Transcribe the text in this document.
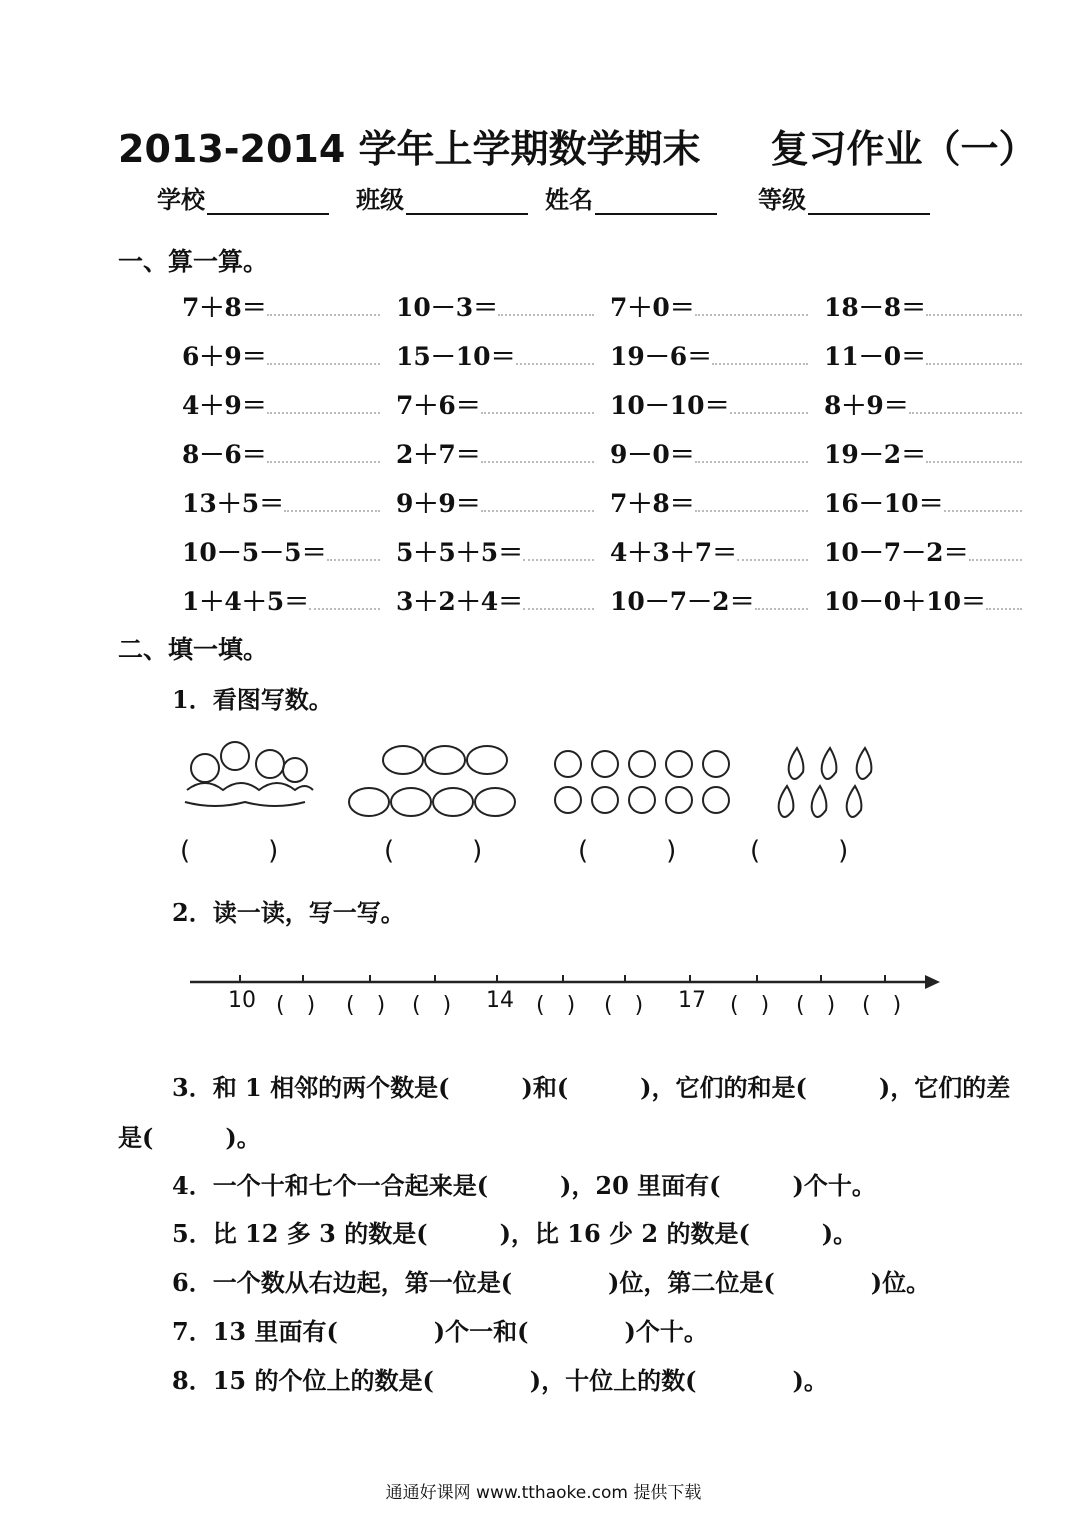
2013-2014 学年上学期数学期末 复习作业（一）
学校	班级	姓名	等级
一、算一算。
7＋8＝	10－3＝	7＋0＝	18－8＝
6＋9＝	15－10＝	19－6＝	11－0＝
4＋9＝	7＋6＝	10－10＝	8＋9＝
8－6＝	2＋7＝	9－0＝	19－2＝
13＋5＝	9＋9＝	7＋8＝	16－10＝
10－5－5＝	5＋5＋5＝	4＋3＋7＝	10－7－2＝
1＋4＋5＝	3＋2＋4＝	10－7－2＝	10－0＋10＝
二、填一填。
1．看图写数。
(　　　)	(　　　)	(　　　)	(　　　)
2．读一读，写一写。
10 (　) (　) (　) 14 (　) (　) 17 (　) (　) (　)
3．和 1 相邻的两个数是(　　　)和(　　　)，它们的和是(　　　)，它们的差
是(　　　)。
4．一个十和七个一合起来是(　　　)，20 里面有(　　　)个十。
5．比 12 多 3 的数是(　　　)，比 16 少 2 的数是(　　　)。
6．一个数从右边起，第一位是(　　　　)位，第二位是(　　　　)位。
7．13 里面有(　　　　)个一和(　　　　)个十。
8．15 的个位上的数是(　　　　)，十位上的数(　　　　)。
通通好课网 www.tthaoke.com 提供下载
